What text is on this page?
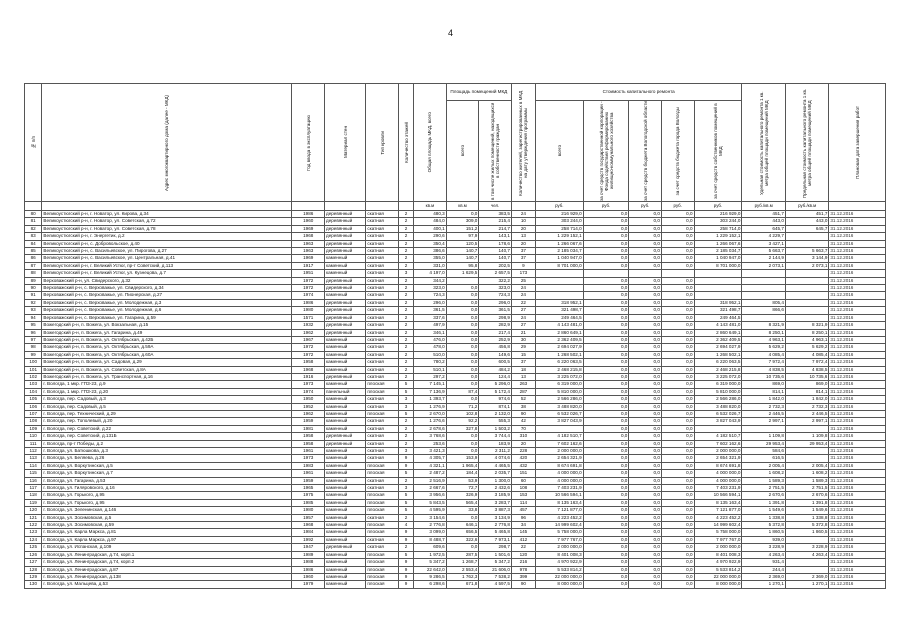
4
№ п/п	Адрес многоквартирного дома (далее - МКД)	Год ввода в эксплуатацию	Материал стен	Тип кровли	Количество этажей	Общая площадь МКД, всего	Площадь помещений МКД		Количество жителей, зарегистрированных в МКД на дату утверждения программы	Стоимость капитального ремонта					Удельная стоимость капитального ремонта 1 кв. метра общей площади помещений МКД	Предельная стоимость капитального ремонта 1 кв. метра общей площади помещений МКД	Плановая дата завершения работ

							всего	в том числе жилых помещений, находящихся в собственности граждан		всего	за счет средств государственной корпорации - Фонда содействия реформированию жилищно-коммунального хозяйства	за счет средств бюджета Вологодской области	за счет средств бюджета города Вологды	за счет средств собственников помещений в МКД			

						кв.м	кв.м	чел.		руб.	руб.	руб.	руб.	руб.	руб./кв.м	руб./кв.м	
80	Великоустюгский р-н, г. Новатор, ул. Кирова, д.34	1986	деревянный	скатная	2	480,3	0,0	383,5	24	216 929,0	0,0	0,0	0,0	216 929,0	451,7	451,7	31.12.2016
81	Великоустюгский р-н, г. Новатор, ул. Советская, д.72	1960	деревянный	скатная	2	484,0	309,0	215,4	10	303 244,0	0,0	0,0	0,0	303 244,0	443,0	443,0	31.12.2016
82	Великоустюгский р-н, г. Новатор, ул. Советская, д.78	1969	деревянный	скатная	2	400,1	151,2	214,7	20	258 714,0	0,0	0,0	0,0	258 714,0	645,7	645,7	31.12.2016
83	Великоустюгский р-н, г. Энергетик, д.2	1968	деревянный	скатная	2	290,6	97,9	143,1	13	1 229 152,1	0,0	0,0	0,0	1 229 152,1	4 229,7		31.12.2016
84	Великоустюгский р-н, с. Добровольское, д.40	1963	деревянный	скатная	2	350,4	120,5	178,6	20	1 266 067,6	0,0	0,0	0,0	1 266 067,6	3 427,1		31.12.2016
85	Великоустюгский р-н, с. Васильевское, ул. Пирогова, д.27	1963	деревянный	скатная	2	386,6	140,7	140,7	37	2 185 034,7	0,0	0,0	0,0	2 185 034,7	5 663,7	5 663,7	31.12.2016
86	Великоустюгский р-н, с. Васильевское, ул. Центральная, д.41	1969	каменный	скатная	2	355,0	140,7	140,7	37	1 040 947,0	0,0	0,0	0,0	1 040 947,0	2 144,9	3 144,9	31.12.2016
87	Великоустюгский р-н, г. Великий Устюг, пр-т Советский, д.113	1917	каменный	скатная	2	331,0	95,8	202,5	9	8 701 000,0	0,0	0,0	0,0	8 701 000,0	2 073,1	2 073,1	31.12.2016
88	Великоустюгский р-н, г. Великий Устюг, ул. Кузнецова, д.7	1951	каменный	скатная	3	4 197,0	1 629,5	2 657,5	173								31.12.2016
89	Верховажский р-н, ул. Свидерского, д.32	1972	деревянный	скатная	2	344,2		322,2	25		0,0	0,0	0,0				31.12.2016
90	Верховажский р-н, с. Верховажье, ул. Свидерского, д.34	1972	деревянный	скатная	2	323,0	0,0	323,0	24		0,0	0,0	0,0				31.12.2016
91	Верховажский р-н, с. Верховажье, ул. Пионерская, д.27	1974	каменный	скатная	2	724,3	0,0	724,3	24		0,0	0,0	0,0				31.12.2016
92	Верховажский р-н, с. Верховажье, ул. Молодежная, д.3	1986	деревянный	скатная	2	296,0	0,0	296,0	22	318 952,1	0,0	0,0	0,0	318 952,1	805,4		31.12.2016
93	Верховажский р-н, с. Верховажье, ул. Молодежная, д.6	1980	деревянный	скатная	2	361,5	0,0	361,5	27	321 498,7	0,0	0,0	0,0	321 498,7	866,6		31.12.2016
94	Верховажский р-н, с. Верховажье, ул. Гагарина, д.59	1571	деревянный	скатная	2	337,6	0,0	298,9	24	249 464,5	0,0	0,0	0,0	249 464,5			31.12.2016
95	Вожегодский р-н, п. Вожега, ул. Вокзальная, д.15	1932	деревянный	скатная	2	497,9	0,0	282,9	27	4 143 481,0	0,0	0,0	0,0	4 143 481,0	8 321,9	8 321,9	31.12.2016
96	Вожегодский р-н, п. Вожега, ул. Гагарина, д.49	1962	деревянный	скатная	2	346,1	0,0	217,4	21	2 860 649,1	0,0	0,0	0,0	2 860 649,1	8 250,1	8 250,1	31.12.2016
97	Вожегодский р-н, п. Вожега, ул. Октябрьская, д.42Б	1967	каменный	скатная	2	476,0	0,0	252,9	30	2 362 409,5	0,0	0,0	0,0	2 362 409,5	4 963,1	4 963,1	31.12.2016
98	Вожегодский р-н, п. Вожега, ул. Октябрьская, д.59А	1972	каменный	скатная	2	478,0	0,0	456,8	29	2 694 027,9	0,0	0,0	0,0	2 694 027,9	5 629,2	5 629,2	31.12.2016
99	Вожегодский р-н, п. Вожега, ул. Октябрьская, д.60А	1972	каменный	скатная	2	510,0	0,0	149,6	15	1 268 502,1	0,0	0,0	0,0	1 268 502,1	4 085,4	4 085,4	31.12.2016
100	Вожегодский р-н, п. Вожега, ул. Садовая, д.29	1958	каменный	скатная	2	780,2	0,0	600,5	37	6 220 063,5	0,0	0,0	0,0	6 220 063,5	7 972,4	7 972,4	31.12.2016
101	Вожегодский р-н, п. Вожега, ул. Советская, д.8А	1968	каменный	скатная	2	510,1	0,0	484,2	18	2 468 215,8	0,0	0,0	0,0	2 468 215,8	4 838,5	4 838,5	31.12.2016
102	Вожегодский р-н, п. Вожега, ул. Транспортная, д.16	1916	деревянный	скатная	2	297,2	0,0	124,4	13	3 225 072,0	0,0	0,0	0,0	3 225 072,0	10 735,6	10 735,6	31.12.2016
103	г. Вологда, 1 мкр. ГПЗ-23, д.9	1973	каменный	плоская	5	7 145,1	0,0	5 296,0	263	6 319 000,0	0,0	0,0	0,0	6 319 000,0	869,0	869,0	31.12.2016
104	г. Вологда, 1 мкр. ГПЗ-23, д.20	1974	панельный	плоская	5	7 136,9	87,4	5 172,4	287	5 810 000,0	0,0	0,0	0,0	5 810 000,0	814,1	814,1	31.12.2016
105	г. Вологда, пер. Садовый, д.3	1950	каменный	скатная	3	1 393,7	0,0	974,6	52	2 566 286,0	0,0	0,0	0,0	2 566 286,0	1 842,0	1 842,0	31.12.2016
106	г. Вологда, пер. Садовый, д.5	1952	каменный	скатная	3	1 276,9	71,2	874,1	38	3 488 820,0	0,0	0,0	0,0	3 488 820,0	2 732,3	2 732,3	31.12.2016
107	г. Вологда, пер. Технический, д.29	1962	каменный	плоская	5	2 670,0	102,8	2 132,0	90	6 532 026,7	0,0	0,0	0,0	6 532 026,7	2 446,5	2 446,5	31.12.2016
108	г. Вологда, пер. Тополевый, д.20	1959	каменный	скатная	2	1 276,6	92,2	555,3	42	3 827 043,9	0,0	0,0	0,0	3 827 043,9	2 997,1	2 997,1	31.12.2016
109	г. Вологда, пер. Советский, д.22	1981	каменный	скатная	2	2 678,6	327,8	1 503,2	70		0,0	0,0	0,0				31.12.2016
110	г. Вологда, пер. Советский, д.131Б	1958	деревянный	скатная	2	3 768,6	0,0	3 744,4	310	4 182 510,7	0,0	0,0	0,0	4 182 510,7	1 109,8	1 109,8	31.12.2016
111	г. Вологда, пр-т Победы, д.2	1958	деревянный	скатная	2	253,6	0,0	183,9	20	7 602 162,6	0,0	0,0	0,0	7 602 162,6	29 953,4	29 953,4	31.12.2016
112	г. Вологда, ул. Батюшкова, д.3	1961	каменный	скатная	3	3 421,3	0,0	2 311,2	228	2 000 000,0	0,0	0,0	0,0	2 000 000,0	584,6		31.12.2016
113	г. Вологда, ул. Беляева, д.26	1973	каменный	скатная	9	4 305,7	153,9	4 074,6	420	2 654 321,9	0,0	0,0	0,0	2 654 321,9	616,5		31.12.2016
114	г. Вологда, ул. Воркутинская, д.5	1983	каменный	плоская	9	4 321,1	1 965,4	4 465,5	432	8 674 691,8	0,0	0,0	0,0	8 674 691,8	2 005,4	2 005,4	31.12.2016
115	г. Вологда, ул. Воркутинская, д.7	1961	каменный	плоская	5	2 487,2	184,4	2 035,7	151	4 000 000,0	0,0	0,0	0,0	4 000 000,0	1 608,2	1 608,2	31.12.2016
116	г. Вологда, ул. Гагарина, д.53	1959	каменный	скатная	2	2 516,9	53,9	1 300,0	60	4 000 000,0	0,0	0,0	0,0	4 000 000,0	1 589,3	1 589,3	31.12.2016
117	г. Вологда, ул. Гиляровского, д.16	1965	каменный	скатная	3	2 667,6	72,7	2 432,6	108	7 403 231,9	0,0	0,0	0,0	7 403 231,9	2 751,5	2 751,5	31.12.2016
118	г. Вологда, ул. Горького, д.95	1975	каменный	плоская	5	3 956,6	326,9	3 185,9	153	10 566 594,1	0,0	0,0	0,0	10 566 594,1	2 670,6	2 670,6	31.12.2016
119	г. Вологда, ул. Горького, д.95	1985	каменный	плоская	5	5 843,5	565,4	3 283,7	114	8 135 163,4	0,0	0,0	0,0	8 135 163,4	1 391,8	1 391,8	31.12.2016
120	г. Вологда, ул. Зеленинская, д.146	1980	каменный	плоская	5	4 595,9	33,8	3 887,3	457	7 121 877,0	0,0	0,0	0,0	7 121 877,0	1 549,6	1 549,6	31.12.2016
121	г. Вологда, ул. Зосимовская, д.5	1957	каменный	скатная	2	3 154,6	0,0	3 134,9	96	4 223 452,2	0,0	0,0	0,0	4 223 452,2	1 338,8	1 338,8	31.12.2016
122	г. Вологда, ул. Зосимовская, д.59	1968	каменный	плоская	4	2 776,8	646,1	2 776,8	34	14 999 602,4	0,0	0,0	0,0	14 999 602,4	5 372,8	5 372,8	31.12.2016
123	г. Вологда, ул. Карла Маркса, д.81	1984	каменный	плоская	9	3 099,0	656,5	5 465,8	145	5 758 000,0	0,0	0,0	0,0	5 758 000,0	1 860,5	1 860,5	31.12.2016
124	г. Вологда, ул. Карла Маркса, д.97	1992	каменный	скатная	9	8 488,7	322,6	7 973,1	412	7 977 767,0	0,0	0,0	0,0	7 977 767,0	939,0		31.12.2016
125	г. Вологда, ул. Испанская, д.109	1947	деревянный	скатная	2	609,6	0,0	298,7	22	2 000 000,0	0,0	0,0	0,0	2 000 000,0	3 228,9	3 228,9	31.12.2016
126	г. Вологда, ул. Ленинградская, д.74, корп.1	1989	каменный	плоская	5	1 972,5	287,5	1 501,6	120	8 401 008,3	0,0	0,0	0,0	8 401 008,3	4 263,4	4 263,4	31.12.2016
127	г. Вологда, ул. Ленинградская, д.74, корп.2	1988	каменный	плоская	9	5 347,2	1 268,7	5 347,2	216	4 970 922,9	0,0	0,0	0,0	4 970 922,9	931,4		31.12.2016
128	г. Вологда, ул. Ленинградская, д.87	1986	каменный	плоская	9	22 642,0	2 553,4	21 606,0	978	5 533 814,2	0,0	0,0	0,0	5 533 814,2	244,4		31.12.2016
129	г. Вологда, ул. Ленинградская, д.138	1960	каменный	плоская	9	9 286,5	1 762,3	7 538,2	399	22 000 000,0	0,0	0,0	0,0	22 000 000,0	2 369,0	2 369,0	31.12.2016
130	г. Вологда, ул. Мальцева, д.53	1979	каменный	плоская	9	6 298,6	671,8	4 597,5	90	8 000 000,0	0,0	0,0	0,0	8 000 000,0	1 270,1	1 270,1	31.12.2016
